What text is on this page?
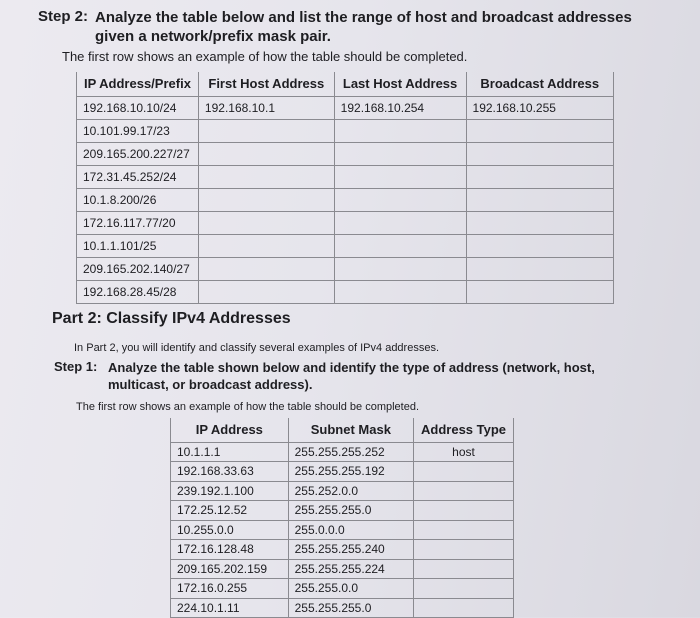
Step 2: Analyze the table below and list the range of host and broadcast addresses given a network/prefix mask pair.
The first row shows an example of how the table should be completed.
IP Address/Prefix	First Host Address	Last Host Address	Broadcast Address
192.168.10.10/24	192.168.10.1	192.168.10.254	192.168.10.255
10.101.99.17/23			
209.165.200.227/27			
172.31.45.252/24			
10.1.8.200/26			
172.16.117.77/20			
10.1.1.101/25			
209.165.202.140/27			
192.168.28.45/28			
Part 2: Classify IPv4 Addresses
In Part 2, you will identify and classify several examples of IPv4 addresses.
Step 1: Analyze the table shown below and identify the type of address (network, host, multicast, or broadcast address).
The first row shows an example of how the table should be completed.
IP Address	Subnet Mask	Address Type
10.1.1.1	255.255.255.252	host
192.168.33.63	255.255.255.192	
239.192.1.100	255.252.0.0	
172.25.12.52	255.255.255.0	
10.255.0.0	255.0.0.0	
172.16.128.48	255.255.255.240	
209.165.202.159	255.255.255.224	
172.16.0.255	255.255.0.0	
224.10.1.11	255.255.255.0	
